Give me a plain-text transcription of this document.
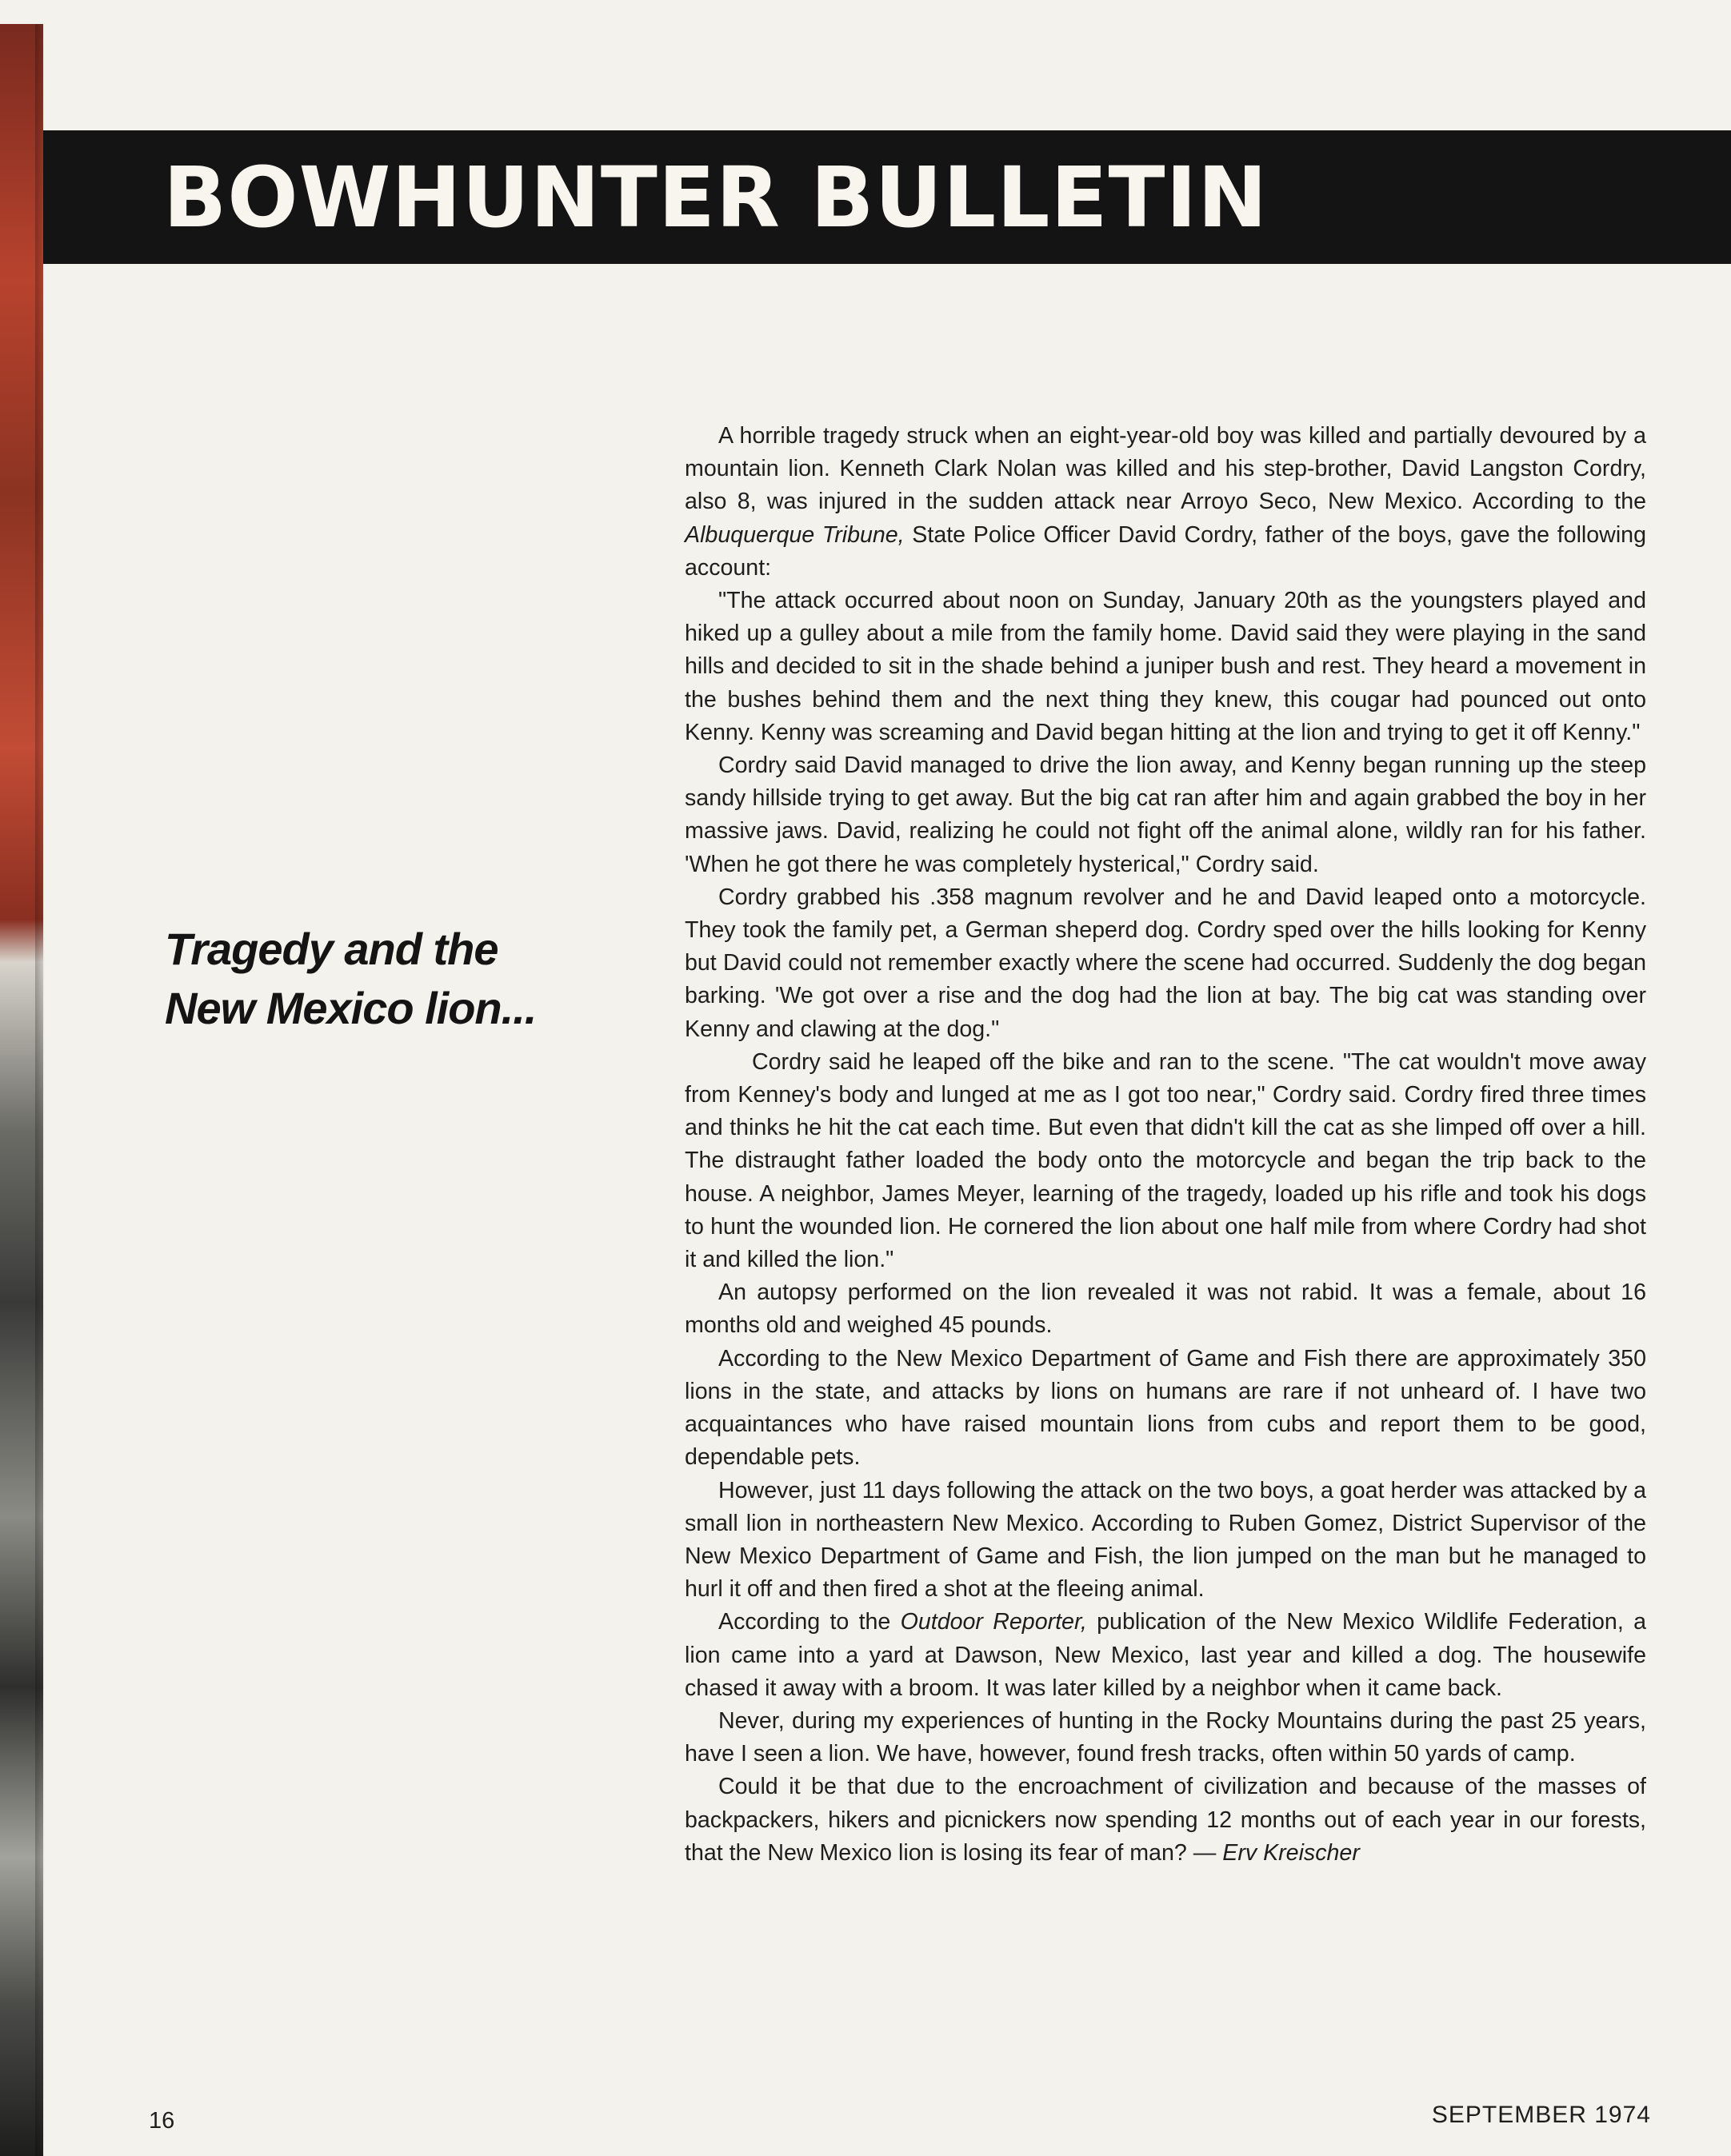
BOWHUNTER BULLETIN
Tragedy and the New Mexico lion...

A horrible tragedy struck when an eight-year-old boy was killed and partially devoured by a mountain lion. Kenneth Clark Nolan was killed and his step-brother, David Langston Cordry, also 8, was injured in the sudden attack near Arroyo Seco, New Mexico. According to the Albuquerque Tribune, State Police Officer David Cordry, father of the boys, gave the following account:

"The attack occurred about noon on Sunday, January 20th as the youngsters played and hiked up a gulley about a mile from the family home. David said they were playing in the sand hills and decided to sit in the shade behind a juniper bush and rest. They heard a movement in the bushes behind them and the next thing they knew, this cougar had pounced out onto Kenny. Kenny was screaming and David began hitting at the lion and trying to get it off Kenny."

Cordry said David managed to drive the lion away, and Kenny began running up the steep sandy hillside trying to get away. But the big cat ran after him and again grabbed the boy in her massive jaws. David, realizing he could not fight off the animal alone, wildly ran for his father. 'When he got there he was completely hysterical," Cordry said.

Cordry grabbed his .358 magnum revolver and he and David leaped onto a motorcycle. They took the family pet, a German sheperd dog. Cordry sped over the hills looking for Kenny but David could not remember exactly where the scene had occurred. Suddenly the dog began barking. 'We got over a rise and the dog had the lion at bay. The big cat was standing over Kenny and clawing at the dog."

Cordry said he leaped off the bike and ran to the scene. "The cat wouldn't move away from Kenney's body and lunged at me as I got too near," Cordry said. Cordry fired three times and thinks he hit the cat each time. But even that didn't kill the cat as she limped off over a hill. The distraught father loaded the body onto the motorcycle and began the trip back to the house. A neighbor, James Meyer, learning of the tragedy, loaded up his rifle and took his dogs to hunt the wounded lion. He cornered the lion about one half mile from where Cordry had shot it and killed the lion."

An autopsy performed on the lion revealed it was not rabid. It was a female, about 16 months old and weighed 45 pounds.

According to the New Mexico Department of Game and Fish there are approximately 350 lions in the state, and attacks by lions on humans are rare if not unheard of. I have two acquaintances who have raised mountain lions from cubs and report them to be good, dependable pets.

However, just 11 days following the attack on the two boys, a goat herder was attacked by a small lion in northeastern New Mexico. According to Ruben Gomez, District Supervisor of the New Mexico Department of Game and Fish, the lion jumped on the man but he managed to hurl it off and then fired a shot at the fleeing animal.

According to the Outdoor Reporter, publication of the New Mexico Wildlife Federation, a lion came into a yard at Dawson, New Mexico, last year and killed a dog. The housewife chased it away with a broom. It was later killed by a neighbor when it came back.

Never, during my experiences of hunting in the Rocky Mountains during the past 25 years, have I seen a lion. We have, however, found fresh tracks, often within 50 yards of camp.

Could it be that due to the encroachment of civilization and because of the masses of backpackers, hikers and picnickers now spending 12 months out of each year in our forests, that the New Mexico lion is losing its fear of man? — Erv Kreischer

16	SEPTEMBER 1974
